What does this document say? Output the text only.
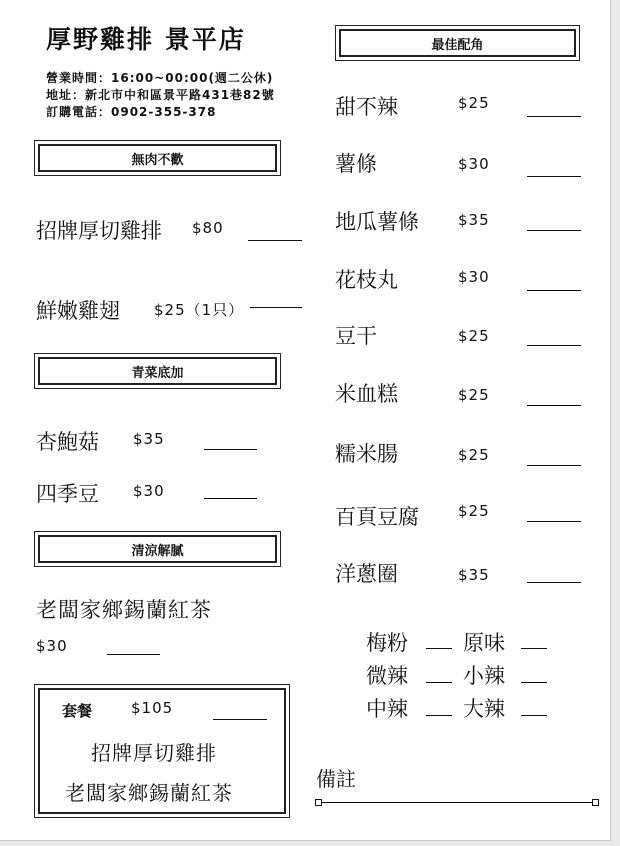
厚野雞排 景平店
營業時間：16:00~00:00(週二公休)
地址：新北市中和區景平路431巷82號
訂購電話：0902-355-378
無肉不歡
招牌厚切雞排 $80
鮮嫩雞翅 $25（1只）
青菜底加
杏鮑菇 $35
四季豆 $30
清涼解膩
老闆家鄉錫蘭紅茶
$30
套餐	$105
招牌厚切雞排
老闆家鄉錫蘭紅茶
最佳配角
甜不辣	$25
薯條	$30
地瓜薯條	$35
花枝丸	$30
豆干	$25
米血糕	$25
糯米腸	$25
百頁豆腐	$25
洋蔥圈	$35
梅粉	原味
微辣	小辣
中辣	大辣
備註
